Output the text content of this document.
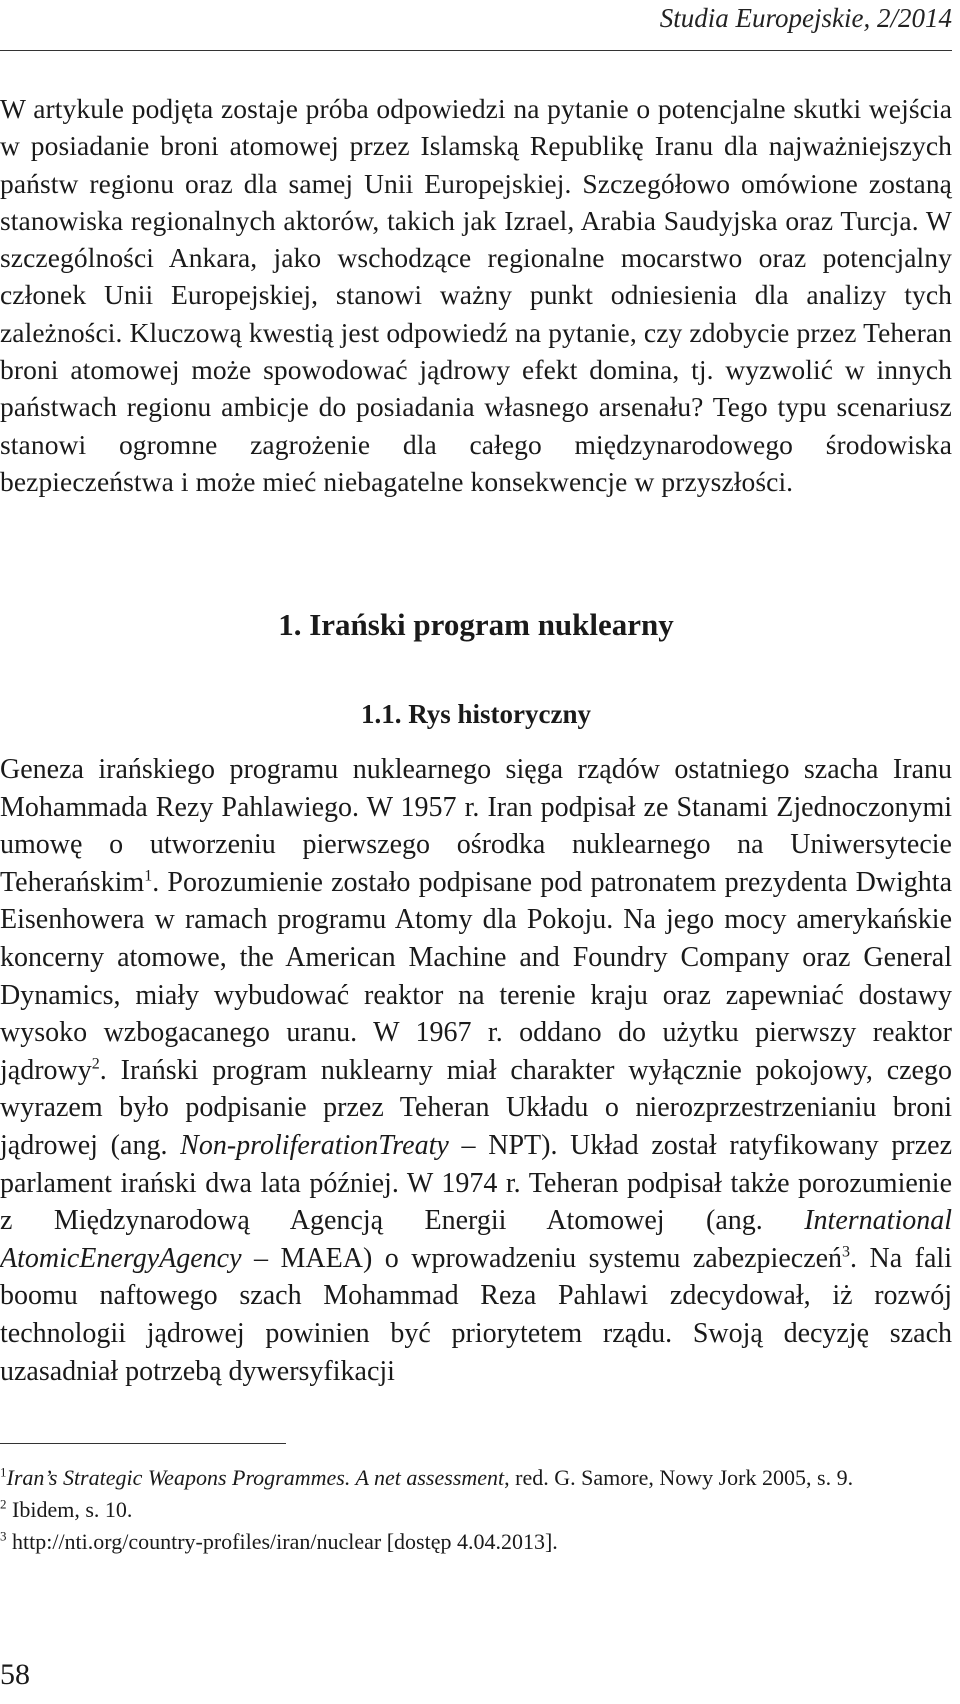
Studia Europejskie, 2/2014

W artykule podjęta zostaje próba odpowiedzi na pytanie o potencjalne skutki wejścia w posiadanie broni atomowej przez Islamską Republikę Iranu dla najważniejszych państw regionu oraz dla samej Unii Europejskiej. Szczegółowo omówione zostaną stanowiska regionalnych aktorów, takich jak Izrael, Arabia Saudyjska oraz Turcja. W szczególności Ankara, jako wschodzące regionalne mocarstwo oraz potencjalny członek Unii Europejskiej, stanowi ważny punkt odniesienia dla analizy tych zależności. Kluczową kwestią jest odpowiedź na pytanie, czy zdobycie przez Teheran broni atomowej może spowodować jądrowy efekt domina, tj. wyzwolić w innych państwach regionu ambicje do posiadania własnego arsenału? Tego typu scenariusz stanowi ogromne zagrożenie dla całego międzynarodowego środowiska bezpieczeństwa i może mieć niebagatelne konsekwencje w przyszłości.

1. Irański program nuklearny
1.1. Rys historyczny

Geneza irańskiego programu nuklearnego sięga rządów ostatniego szacha Iranu Mohammada Rezy Pahlawiego. W 1957 r. Iran podpisał ze Stanami Zjednoczonymi umowę o utworzeniu pierwszego ośrodka nuklearnego na Uniwersytecie Teherańskim$^1$. Porozumienie zostało podpisane pod patronatem prezydenta Dwighta Eisenhowera w ramach programu Atomy dla Pokoju. Na jego mocy amerykańskie koncerny atomowe, the American Machine and Foundry Company oraz General Dynamics, miały wybudować reaktor na terenie kraju oraz zapewniać dostawy wysoko wzbogacanego uranu. W 1967 r. oddano do użytku pierwszy reaktor jądrowy$^2$. Irański program nuklearny miał charakter wyłącznie pokojowy, czego wyrazem było podpisanie przez Teheran Układu o nierozprzestrzenianiu broni jądrowej (ang. Non-proliferationTreaty – NPT). Układ został ratyfikowany przez parlament irański dwa lata później. W 1974 r. Teheran podpisał także porozumienie z Międzynarodową Agencją Energii Atomowej (ang. International AtomicEnergyAgency – MAEA) o wprowadzeniu systemu zabezpieczeń$^3$. Na fali boomu naftowego szach Mohammad Reza Pahlawi zdecydował, iż rozwój technologii jądrowej powinien być priorytetem rządu. Swoją decyzję szach uzasadniał potrzebą dywersyfikacji

$^1$Iran’s Strategic Weapons Programmes. A net assessment, red. G. Samore, Nowy Jork 2005, s. 9.

$^2$ Ibidem, s. 10.

$^3$ http://nti.org/country-profiles/iran/nuclear [dostęp 4.04.2013].

58
